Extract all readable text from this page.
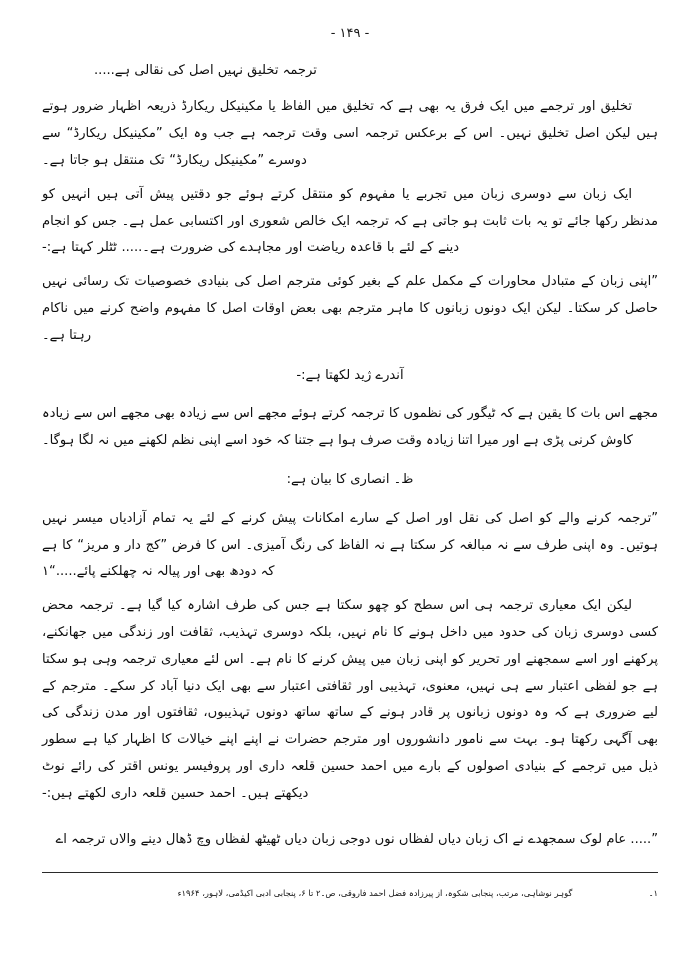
- ۱۴۹ -
ترجمہ تخلیق نہیں اصل کی نقالی ہے.....

تخلیق اور ترجمے میں ایک فرق یہ بھی ہے کہ تخلیق میں الفاظ یا مکینیکل ریکارڈ ذریعہ اظہار ضرور ہوتے ہیں لیکن اصل تخلیق نہیں۔ اس کے برعکس ترجمہ اسی وقت ترجمہ ہے جب وہ ایک ”مکینیکل ریکارڈ“ سے دوسرے ”مکینیکل ریکارڈ“ تک منتقل ہو جاتا ہے۔

ایک زبان سے دوسری زبان میں تجربے یا مفہوم کو منتقل کرتے ہوئے جو دقتیں پیش آتی ہیں انہیں کو مدنظر رکھا جائے تو یہ بات ثابت ہو جاتی ہے کہ ترجمہ ایک خالص شعوری اور اکتسابی عمل ہے۔ جس کو انجام دینے کے لئے با قاعدہ ریاضت اور مجاہدے کی ضرورت ہے۔..... ٹٹلر کہتا ہے:-

”اپنی زبان کے متبادل محاورات کے مکمل علم کے بغیر کوئی مترجم اصل کی بنیادی خصوصیات تک رسائی نہیں حاصل کر سکتا۔ لیکن ایک دونوں زبانوں کا ماہر مترجم بھی بعض اوقات اصل کا مفہوم واضح کرنے میں ناکام رہتا ہے۔

آندرے ژید لکھتا ہے:-

مجھے اس بات کا یقین ہے کہ ٹیگور کی نظموں کا ترجمہ کرتے ہوئے مجھے اس سے زیادہ بھی مجھے اس سے زیادہ کاوش کرنی پڑی ہے اور میرا اتنا زیادہ وقت صرف ہوا ہے جتنا کہ خود اسے اپنی نظم لکھنے میں نہ لگا ہوگا۔

ظ۔ انصاری کا بیان ہے:

”ترجمہ کرنے والے کو اصل کی نقل اور اصل کے سارے امکانات پیش کرنے کے لئے یہ تمام آزادیاں میسر نہیں ہوتیں۔ وہ اپنی طرف سے نہ مبالغہ کر سکتا ہے نہ الفاظ کی رنگ آمیزی۔ اس کا فرض ”کج دار و مریز“ کا ہے کہ دودھ بھی اور پیالہ نہ چھلکنے پائے.....“۱

لیکن ایک معیاری ترجمہ ہی اس سطح کو چھو سکتا ہے جس کی طرف اشارہ کیا گیا ہے۔ ترجمہ محض کسی دوسری زبان کی حدود میں داخل ہونے کا نام نہیں، بلکہ دوسری تہذیب، ثقافت اور زندگی میں جھانکنے، پرکھنے اور اسے سمجھنے اور تحریر کو اپنی زبان میں پیش کرنے کا نام ہے۔ اس لئے معیاری ترجمہ وہی ہو سکتا ہے جو لفظی اعتبار سے ہی نہیں، معنوی، تہذیبی اور ثقافتی اعتبار سے بھی ایک دنیا آباد کر سکے۔ مترجم کے لیے ضروری ہے کہ وہ دونوں زبانوں پر قادر ہونے کے ساتھ ساتھ دونوں تہذیبوں، ثقافتوں اور مدن زندگی کی بھی آگہی رکھتا ہو۔ بہت سے نامور دانشوروں اور مترجم حضرات نے اپنے اپنے خیالات کا اظہار کیا ہے سطور ذیل میں ترجمے کے بنیادی اصولوں کے بارے میں احمد حسین قلعہ داری اور پروفیسر یونس اقتر کی رائے نوٹ دیکھتے ہیں۔ احمد حسین قلعہ داری لکھتے ہیں:-

”..... عام لوک سمجھدے نے اک زبان دیاں لفظاں نوں دوجی زبان دیاں ٹھیٹھ لفظاں وچ ڈھال دینے والاں ترجمہ اے

۱۔
گوہر نوشاہی، مرتب، پنجابی شکوہ، از پیرزادہ فضل احمد فاروقی، ص۔۲ تا ۶، پنجابی ادبی اکیڈمی، لاہور، ۱۹۶۴ء
